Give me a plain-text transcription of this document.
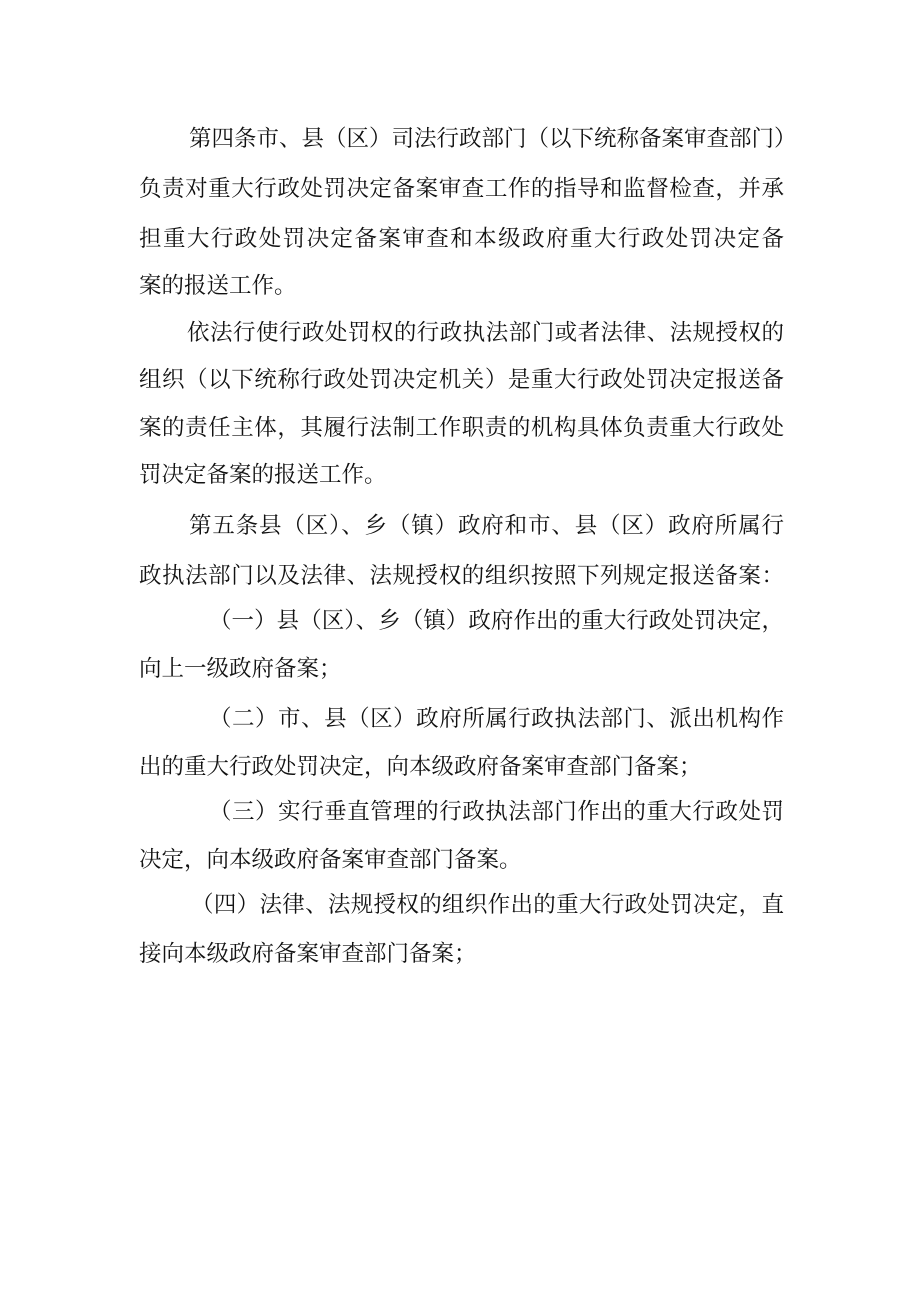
第四条市、县（区）司法行政部门（以下统称备案审查部门）
负责对重大行政处罚决定备案审查工作的指导和监督检查，并承
担重大行政处罚决定备案审查和本级政府重大行政处罚决定备
案的报送工作。
依法行使行政处罚权的行政执法部门或者法律、法规授权的
组织（以下统称行政处罚决定机关）是重大行政处罚决定报送备
案的责任主体，其履行法制工作职责的机构具体负责重大行政处
罚决定备案的报送工作。
第五条县（区）、乡（镇）政府和市、县（区）政府所属行
政执法部门以及法律、法规授权的组织按照下列规定报送备案：
（一）县（区）、乡（镇）政府作出的重大行政处罚决定，
向上一级政府备案；
（二）市、县（区）政府所属行政执法部门、派出机构作
出的重大行政处罚决定，向本级政府备案审查部门备案；
（三）实行垂直管理的行政执法部门作出的重大行政处罚
决定，向本级政府备案审查部门备案。
（四）法律、法规授权的组织作出的重大行政处罚决定，直
接向本级政府备案审查部门备案；
